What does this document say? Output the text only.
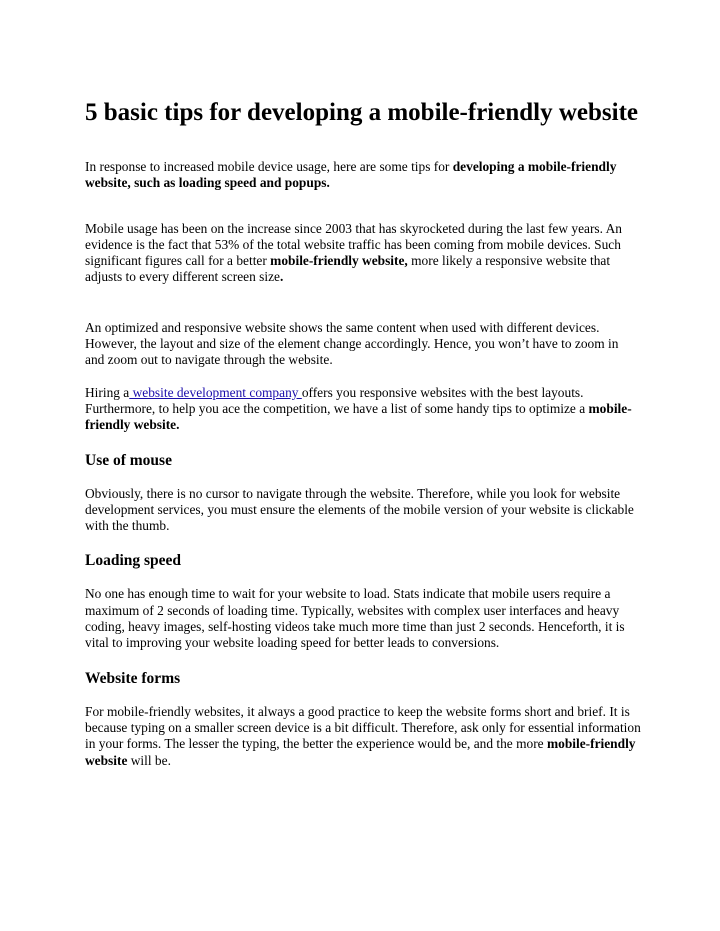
5 basic tips for developing a mobile-friendly website

In response to increased mobile device usage, here are some tips for developing a mobile-friendly website, such as loading speed and popups.

Mobile usage has been on the increase since 2003 that has skyrocketed during the last few years. An evidence is the fact that 53% of the total website traffic has been coming from mobile devices. Such significant figures call for a better mobile-friendly website, more likely a responsive website that adjusts to every different screen size.

An optimized and responsive website shows the same content when used with different devices. However, the layout and size of the element change accordingly. Hence, you won’t have to zoom in and zoom out to navigate through the website.

Hiring a website development company offers you responsive websites with the best layouts. Furthermore, to help you ace the competition, we have a list of some handy tips to optimize a mobile-friendly website.

Use of mouse

Obviously, there is no cursor to navigate through the website. Therefore, while you look for website development services, you must ensure the elements of the mobile version of your website is clickable with the thumb.

Loading speed

No one has enough time to wait for your website to load. Stats indicate that mobile users require a maximum of 2 seconds of loading time. Typically, websites with complex user interfaces and heavy coding, heavy images, self-hosting videos take much more time than just 2 seconds. Henceforth, it is vital to improving your website loading speed for better leads to conversions.

Website forms

For mobile-friendly websites, it always a good practice to keep the website forms short and brief. It is because typing on a smaller screen device is a bit difficult. Therefore, ask only for essential information in your forms. The lesser the typing, the better the experience would be, and the more mobile-friendly website will be.
